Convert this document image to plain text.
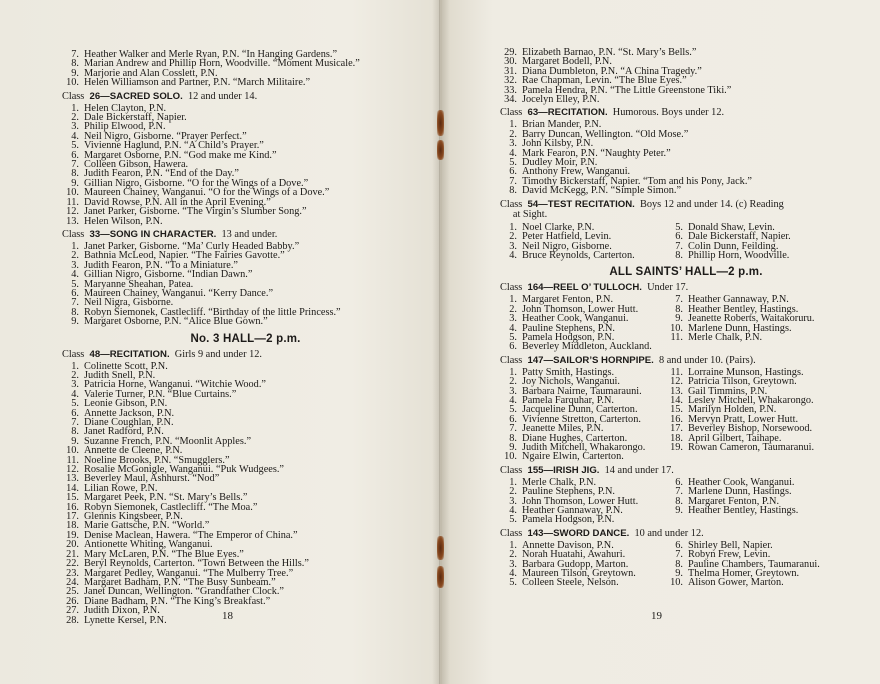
7. Heather Walker and Merle Ryan, P.N. “In Hanging Gardens.”
8. Marian Andrew and Phillip Horn, Woodville. “Moment Musicale.”
9. Marjorie and Alan Cosslett, P.N.
10. Helen Williamson and Partner, P.N. “March Militaire.”
Class 26—SACRED SOLO. 12 and under 14.
1. Helen Clayton, P.N.
2. Dale Bickerstaff, Napier.
3. Philip Elwood, P.N.
4. Neil Nigro, Gisborne. “Prayer Perfect.”
5. Vivienne Haglund, P.N. “A Child’s Prayer.”
6. Margaret Osborne, P.N. “God make me Kind.”
7. Colleen Gibson, Hawera.
8. Judith Fearon, P.N. “End of the Day.”
9. Gillian Nigro, Gisborne. “O for the Wings of a Dove.”
10. Maureen Chainey, Wanganui. “O for the Wings of a Dove.”
11. David Rowse, P.N. All in the April Evening.”
12. Janet Parker, Gisborne. “The Virgin’s Slumber Song.”
13. Helen Wilson, P.N.
Class 33—SONG IN CHARACTER. 13 and under.
1. Janet Parker, Gisborne. “Ma’ Curly Headed Babby.”
2. Bathnia McLeod, Napier. “The Fairies Gavotte.”
3. Judith Fearon, P.N. “To a Miniature.”
4. Gillian Nigro, Gisborne. “Indian Dawn.”
5. Maryanne Sheahan, Patea.
6. Maureen Chainey, Wanganui. “Kerry Dance.”
7. Neil Nigra, Gisborne.
8. Robyn Siemonek, Castlecliff. “Birthday of the little Princess.”
9. Margaret Osborne, P.N. “Alice Blue Gown.”
No. 3 HALL—2 p.m.
Class 48—RECITATION. Girls 9 and under 12.
1. Colinette Scott, P.N.
2. Judith Snell, P.N.
3. Patricia Horne, Wanganui. “Witchie Wood.”
4. Valerie Turner, P.N. “Blue Curtains.”
5. Leonie Gibson, P.N.
6. Annette Jackson, P.N.
7. Diane Coughlan, P.N.
8. Janet Radford, P.N.
9. Suzanne French, P.N. “Moonlit Apples.”
10. Annette de Cleene, P.N.
11. Noeline Brooks, P.N. “Smugglers.”
12. Rosalie McGonigle, Wanganui. “Puk Wudgees.”
13. Beverley Maul, Ashhurst. “Nod”
14. Lilian Rowe, P.N.
15. Margaret Peek, P.N. “St. Mary’s Bells.”
16. Robyn Siemonek, Castlecliff. “The Moa.”
17. Glennis Kingsbeer, P.N.
18. Marie Gattsche, P.N. “World.”
19. Denise Maclean, Hawera. “The Emperor of China.”
20. Antionette Whiting, Wanganui.
21. Mary McLaren, P.N. “The Blue Eyes.”
22. Beryl Reynolds, Carterton. “Town Between the Hills.”
23. Margaret Pedley, Wanganui. “The Mulberry Tree.”
24. Margaret Badham, P.N. “The Busy Sunbeam.”
25. Janet Duncan, Wellington. “Grandfather Clock.”
26. Diane Badham, P.N. “The King’s Breakfast.”
27. Judith Dixon, P.N.
28. Lynette Kersel, P.N.	18
29. Elizabeth Barnao, P.N. “St. Mary’s Bells.”
30. Margaret Bodell, P.N.
31. Diana Dumbleton, P.N. “A China Tragedy.”
32. Rae Chapman, Levin. “The Blue Eyes.”
33. Pamela Hendra, P.N. “The Little Greenstone Tiki.”
34. Jocelyn Elley, P.N.
Class 63—RECITATION. Humorous. Boys under 12.
1. Brian Mander, P.N.
2. Barry Duncan, Wellington. “Old Mose.”
3. John Kilsby, P.N.
4. Mark Fearon, P.N. “Naughty Peter.”
5. Dudley Moir, P.N.
6. Anthony Frew, Wanganui.
7. Timothy Bickerstaff, Napier. “Tom and his Pony, Jack.”
8. David McKegg, P.N. “Simple Simon.”
Class 54—TEST RECITATION. Boys 12 and under 14. (c) Reading
at Sight.
1. Noel Clarke, P.N.
2. Peter Hatfield, Levin.
3. Neil Nigro, Gisborne.
4. Bruce Reynolds, Carterton.
5. Donald Shaw, Levin.
6. Dale Bickerstaff, Napier.
7. Colin Dunn, Feilding.
8. Phillip Horn, Woodville.
ALL SAINTS’ HALL—2 p.m.
Class 164—REEL O’ TULLOCH. Under 17.
1. Margaret Fenton, P.N.
2. John Thomson, Lower Hutt.
3. Heather Cook, Wanganui.
4. Pauline Stephens, P.N.
5. Pamela Hodgson, P.N.
6. Beverley Middleton, Auckland.
7. Heather Gannaway, P.N.
8. Heather Bentley, Hastings.
9. Jeanette Roberts, Waitakoruru.
10. Marlene Dunn, Hastings.
11. Merle Chalk, P.N.
Class 147—SAILOR’S HORNPIPE. 8 and under 10. (Pairs).
1. Patty Smith, Hastings.
2. Joy Nichols, Wanganui.
3. Barbara Nairne, Taumarauni.
4. Pamela Farquhar, P.N.
5. Jacqueline Dunn, Carterton.
6. Vivienne Stretton, Carterton.
7. Jeanette Miles, P.N.
8. Diane Hughes, Carterton.
9. Judith Mitchell, Whakarongo.
10. Ngaire Elwin, Carterton.
11. Lorraine Munson, Hastings.
12. Patricia Tilson, Greytown.
13. Gail Timmins, P.N.
14. Lesley Mitchell, Whakarongo.
15. Marilyn Holden, P.N.
16. Mervyn Pratt, Lower Hutt.
17. Beverley Bishop, Norsewood.
18. April Gilbert, Taihape.
19. Rowan Cameron, Taumaranui.
Class 155—IRISH JIG. 14 and under 17.
1. Merle Chalk, P.N.
2. Pauline Stephens, P.N.
3. John Thomson, Lower Hutt.
4. Heather Gannaway, P.N.
5. Pamela Hodgson, P.N.
6. Heather Cook, Wanganui.
7. Marlene Dunn, Hastings.
8. Margaret Fenton, P.N.
9. Heather Bentley, Hastings.
Class 143—SWORD DANCE. 10 and under 12.
1. Annette Davison, P.N.
2. Norah Huatahi, Awahuri.
3. Barbara Gudopp, Marton.
4. Maureen Tilson, Greytown.
5. Colleen Steele, Nelson.
6. Shirley Bell, Napier.
7. Robyn Frew, Levin.
8. Pauline Chambers, Taumaranui.
9. Thelma Homer, Greytown.
10. Alison Gower, Marton.
19
